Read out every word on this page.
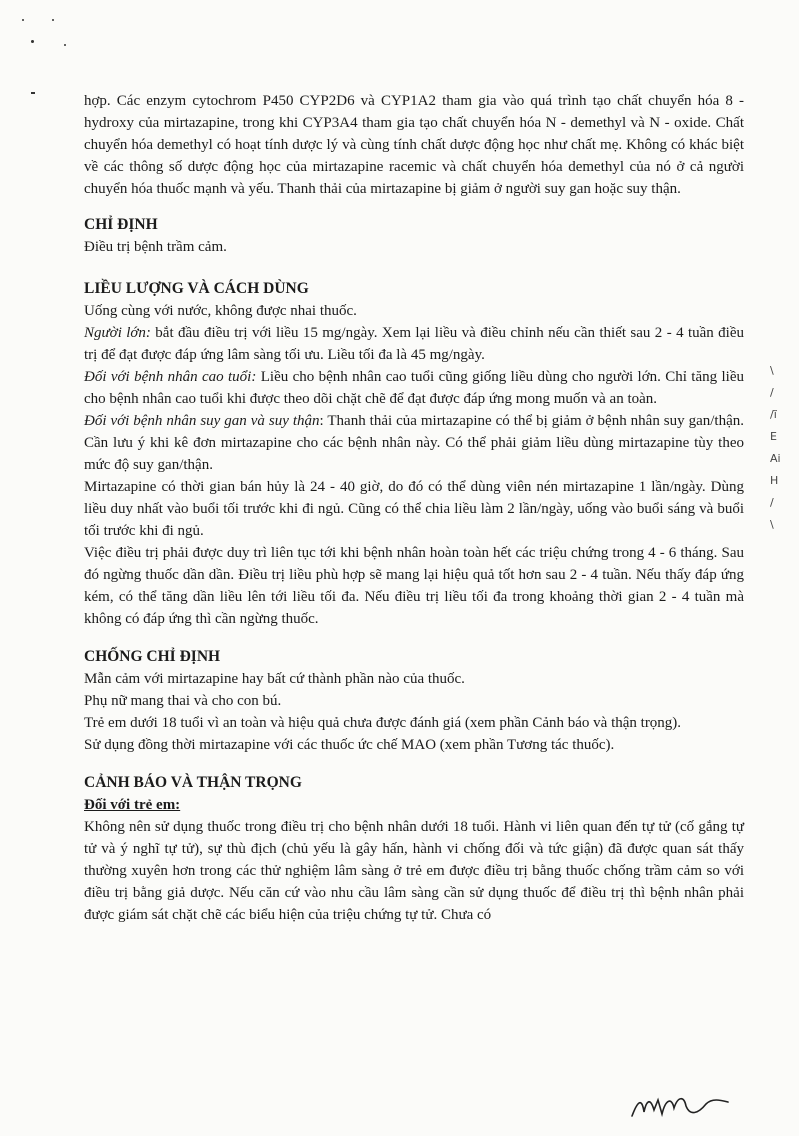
hợp. Các enzym cytochrom P450 CYP2D6 và CYP1A2 tham gia vào quá trình tạo chất chuyển hóa 8 - hydroxy của mirtazapine, trong khi CYP3A4 tham gia tạo chất chuyển hóa N - demethyl và N - oxide. Chất chuyển hóa demethyl có hoạt tính dược lý và cùng tính chất dược động học như chất mẹ. Không có khác biệt về các thông số dược động học của mirtazapine racemic và chất chuyển hóa demethyl của nó ở cả người chuyển hóa thuốc mạnh và yếu. Thanh thải của mirtazapine bị giảm ở người suy gan hoặc suy thận.

CHỈ ĐỊNH

Điều trị bệnh trầm cảm.

LIỀU LƯỢNG VÀ CÁCH DÙNG

Uống cùng với nước, không được nhai thuốc.

Người lớn: bắt đầu điều trị với liều 15 mg/ngày. Xem lại liều và điều chỉnh nếu cần thiết sau 2 - 4 tuần điều trị để đạt được đáp ứng lâm sàng tối ưu. Liều tối đa là 45 mg/ngày.

Đối với bệnh nhân cao tuổi: Liều cho bệnh nhân cao tuổi cũng giống liều dùng cho người lớn. Chỉ tăng liều cho bệnh nhân cao tuổi khi được theo dõi chặt chẽ để đạt được đáp ứng mong muốn và an toàn.

Đối với bệnh nhân suy gan và suy thận: Thanh thải của mirtazapine có thể bị giảm ở bệnh nhân suy gan/thận. Cần lưu ý khi kê đơn mirtazapine cho các bệnh nhân này. Có thể phải giảm liều dùng mirtazapine tùy theo mức độ suy gan/thận.

Mirtazapine có thời gian bán hủy là 24 - 40 giờ, do đó có thể dùng viên nén mirtazapine 1 lần/ngày. Dùng liều duy nhất vào buổi tối trước khi đi ngủ. Cũng có thể chia liều làm 2 lần/ngày, uống vào buổi sáng và buổi tối trước khi đi ngủ.

Việc điều trị phải được duy trì liên tục tới khi bệnh nhân hoàn toàn hết các triệu chứng trong 4 - 6 tháng. Sau đó ngừng thuốc dần dần. Điều trị liều phù hợp sẽ mang lại hiệu quả tốt hơn sau 2 - 4 tuần. Nếu thấy đáp ứng kém, có thể tăng dần liều lên tới liều tối đa. Nếu điều trị liều tối đa trong khoảng thời gian 2 - 4 tuần mà không có đáp ứng thì cần ngừng thuốc.

CHỐNG CHỈ ĐỊNH

Mẫn cảm với mirtazapine hay bất cứ thành phần nào của thuốc.

Phụ nữ mang thai và cho con bú.

Trẻ em dưới 18 tuổi vì an toàn và hiệu quả chưa được đánh giá (xem phần Cảnh báo và thận trọng).

Sử dụng đồng thời mirtazapine với các thuốc ức chế MAO (xem phần Tương tác thuốc).

CẢNH BÁO VÀ THẬN TRỌNG
Đối với trẻ em:

Không nên sử dụng thuốc trong điều trị cho bệnh nhân dưới 18 tuổi. Hành vi liên quan đến tự tử (cố gắng tự tử và ý nghĩ tự tử), sự thù địch (chủ yếu là gây hấn, hành vi chống đối và tức giận) đã được quan sát thấy thường xuyên hơn trong các thử nghiệm lâm sàng ở trẻ em được điều trị bằng thuốc chống trầm cảm so với điều trị bằng giả dược. Nếu căn cứ vào nhu cầu lâm sàng cần sử dụng thuốc để điều trị thì bệnh nhân phải được giám sát chặt chẽ các biểu hiện của triệu chứng tự tử. Chưa có

\
/
/ĩ
E
Ai
H
/
\
